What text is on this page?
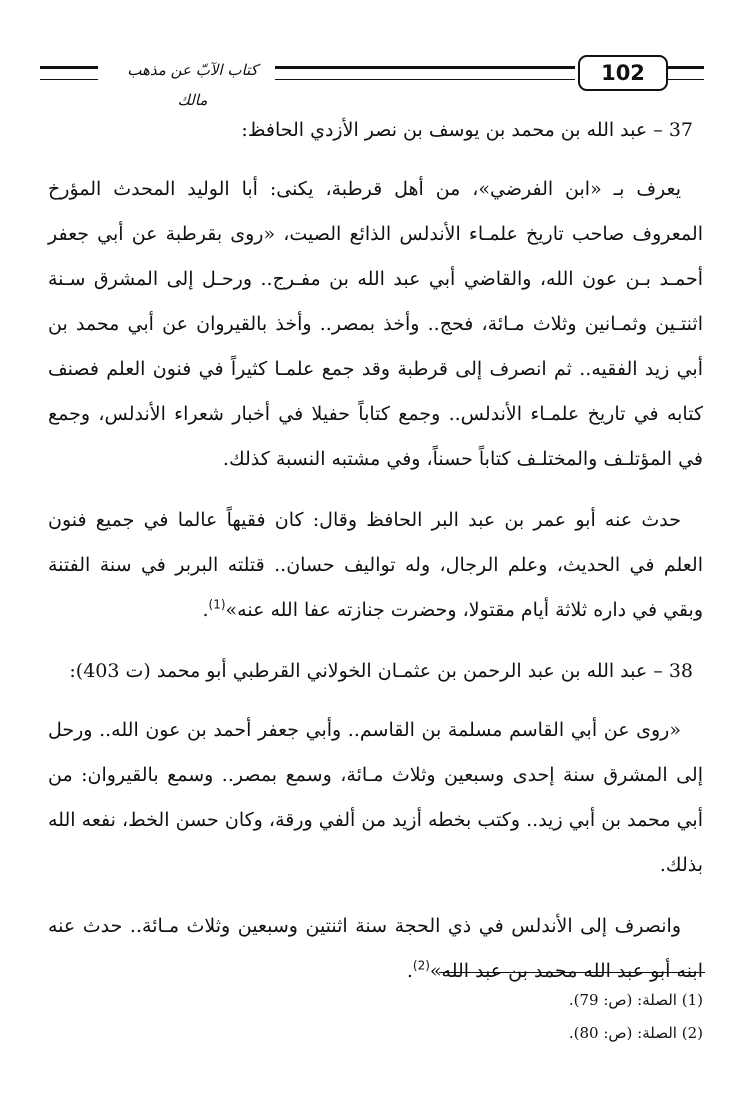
كتاب الآبّ عن مذهب مالك
102

37 – عبد الله بن محمد بن يوسف بن نصر الأزدي الحافظ:

يعرف بـ «ابن الفرضي»، من أهل قرطبة، يكنى: أبا الوليد المحدث المؤرخ المعروف صاحب تاريخ علمـاء الأندلس الذائع الصيت، «روى بقرطبة عن أبي جعفر أحمـد بـن عون الله، والقاضي أبي عبد الله بن مفـرج.. ورحـل إلى المشرق سـنة اثنتـين وثمـانين وثلاث مـائة، فحج.. وأخذ بمصر.. وأخذ بالقيروان عن أبي محمد بن أبي زيد الفقيه.. ثم انصرف إلى قرطبة وقد جمع علمـا كثيراً في فنون العلم فصنف كتابه في تاريخ علمـاء الأندلس.. وجمع كتاباً حفيلا في أخبار شعراء الأندلس، وجمع في المؤتلـف والمختلـف كتاباً حسناً، وفي مشتبه النسبة كذلك.

حدث عنه أبو عمر بن عبد البر الحافظ وقال: كان فقيهاً عالما في جميع فنون العلم في الحديث، وعلم الرجال، وله تواليف حسان.. قتلته البربر في سنة الفتنة وبقي في داره ثلاثة أيام مقتولا، وحضرت جنازته عفا الله عنه»$^{(1)}$.

38 – عبد الله بن عبد الرحمن بن عثمـان الخولاني القرطبي أبو محمد (ت 403):

«روى عن أبي القاسم مسلمة بن القاسم.. وأبي جعفر أحمد بن عون الله.. ورحل إلى المشرق سنة إحدى وسبعين وثلاث مـائة، وسمع بمصر.. وسمع بالقيروان: من أبي محمد بن أبي زيد.. وكتب بخطه أزيد من ألفي ورقة، وكان حسن الخط، نفعه الله بذلك.

وانصرف إلى الأندلس في ذي الحجة سنة اثنتين وسبعين وثلاث مـائة.. حدث عنه ابنه أبو عبد الله محمد بن عبد الله»$^{(2)}$.

(1) الصلة: (ص: 79).
(2) الصلة: (ص: 80).
